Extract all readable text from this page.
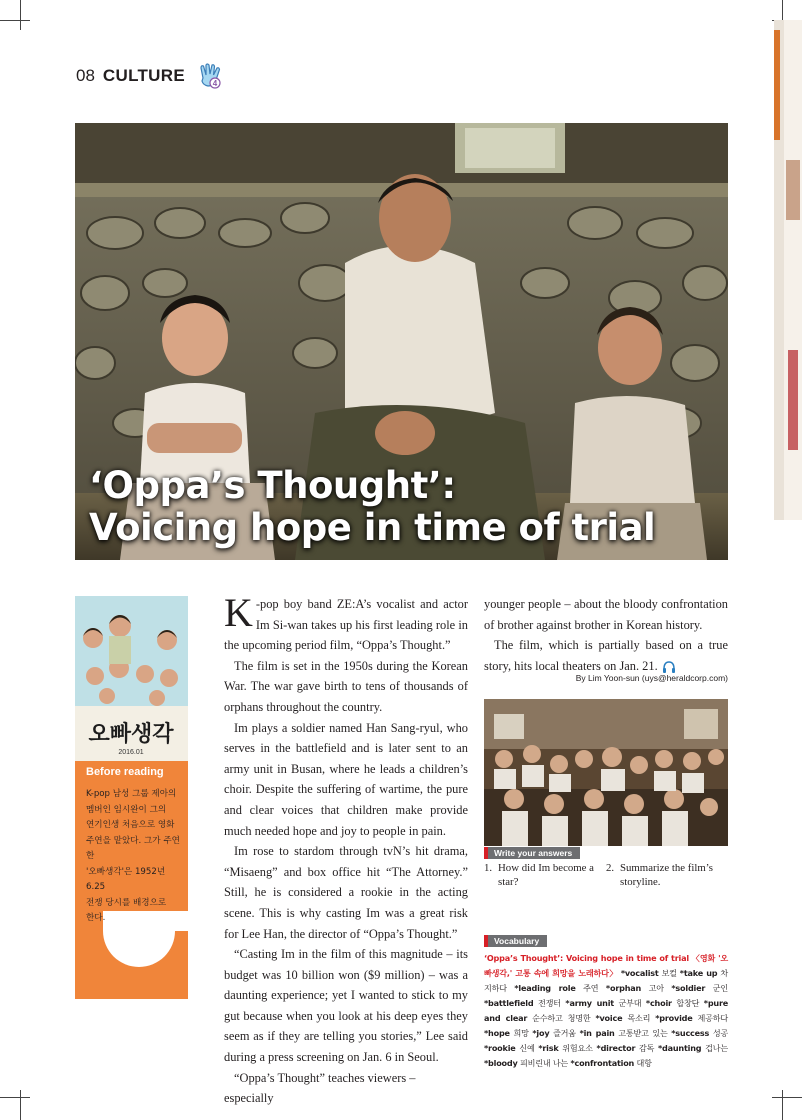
08 CULTURE	4
‘Oppa’s Thought’:
Voicing hope in time of trial
오빠생각
2016.01
Before reading
K-pop 남성 그룹 제아의
멤버인 임시완이 그의
연기인생 처음으로 영화
주연을 맡았다. 그가 주연한
'오빠생각'은 1952년 6.25
전쟁 당시를 배경으로
한다.

K -pop boy band ZE:A’s vocalist and actor Im Si-wan takes up his first leading role in the upcoming period film, “Oppa’s Thought.”

The film is set in the 1950s during the Korean War. The war gave birth to tens of thousands of orphans throughout the country.

Im plays a soldier named Han Sang-ryul, who serves in the battlefield and is later sent to an army unit in Busan, where he leads a children’s choir. Despite the suffering of wartime, the pure and clear voices that children make provide much needed hope and joy to people in pain.

Im rose to stardom through tvN’s hit drama, “Misaeng” and box office hit “The Attorney.” Still, he is considered a rookie in the acting scene. This is why casting Im was a great risk for Lee Han, the director of “Oppa’s Thought.”

“Casting Im in the film of this magnitude – its budget was 10 billion won ($9 million) – was a daunting experience; yet I wanted to stick to my gut because when you look at his deep eyes they seem as if they are telling you stories,” Lee said during a press screening on Jan. 6 in Seoul.

“Oppa’s Thought” teaches viewers – especially

younger people – about the bloody confrontation of brother against brother in Korean history.

The film, which is partially based on a true story, hits local theaters on Jan. 21.

By Lim Yoon-sun (uys@heraldcorp.com)
Write your answers
1. How did Im become a star?
2. Summarize the film’s storyline.
Vocabulary
‘Oppa’s Thought’: Voicing hope in time of trial 〈영화 '오빠생각,' 고통 속에 희망을 노래하다〉 *vocalist 보컬 *take up 차지하다 *leading role 주연 *orphan 고아 *soldier 군인 *battlefield 전쟁터 *army unit 군부대 *choir 합창단 *pure and clear 순수하고 청명한 *voice 목소리 *provide 제공하다 *hope 희망 *joy 즐거움 *in pain 고통받고 있는 *success 성공 *rookie 신예 *risk 위험요소 *director 감독 *daunting 겁나는 *bloody 피비린내 나는 *confrontation 대항
